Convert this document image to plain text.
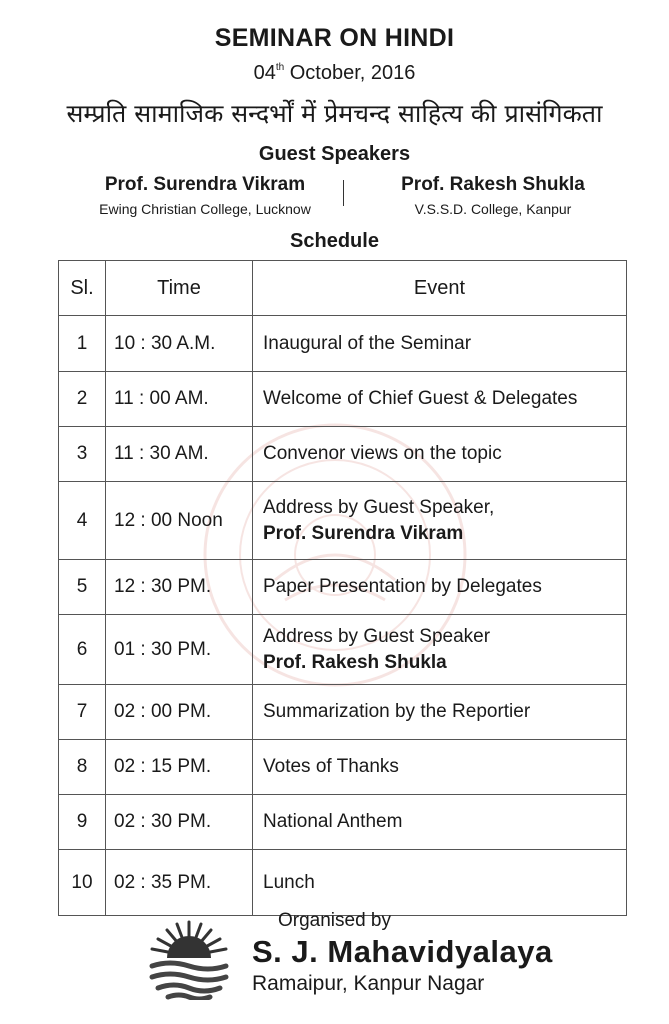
SEMINAR ON HINDI
04th October, 2016
सम्प्रति सामाजिक सन्दर्भों में प्रेमचन्द साहित्य की प्रासंगिकता
Guest Speakers
Prof. Surendra Vikram
Ewing Christian College, Lucknow
Prof. Rakesh Shukla
V.S.S.D. College, Kanpur
Schedule
Sl.	Time	Event
1	10 : 30 A.M.	Inaugural of the Seminar
2	11 : 00 AM.	Welcome of Chief Guest & Delegates
3	11 : 30 AM.	Convenor views on the topic
4	12 : 00 Noon	Address by Guest Speaker,
Prof. Surendra Vikram

5	12 : 30 PM.	Paper Presentation by Delegates
6	01 : 30 PM.	Address by Guest Speaker
Prof. Rakesh Shukla

7	02 : 00 PM.	Summarization by the Reportier
8	02 : 15 PM.	Votes of Thanks
9	02 : 30 PM.	National Anthem
10	02 : 35 PM.	Lunch
Organised by
S. J. Mahavidyalaya
Ramaipur, Kanpur Nagar
